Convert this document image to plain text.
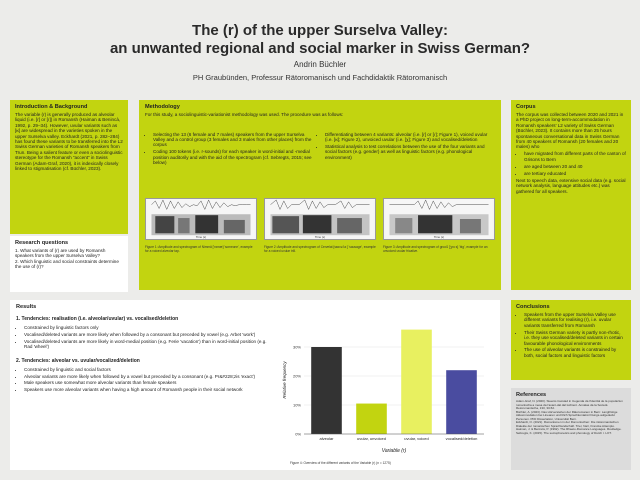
The (r) of the upper Surselva Valley:
an unwanted regional and social marker in Swiss German?
Andrin Büchler
PH Graubünden, Professur Rätoromanisch und Fachdidaktik Rätoromanisch
Introduction & Background
The variable (r) is generally produced as alveolar liquid (i.e. [r] or [ɾ]) in Romansh (Haiman & Benincà, 1992, p. 29–34). However, uvular variants such as [ʁ] are widespread in the varieties spoken in the upper Surselva valley. Eckhardt (2021, p. 282–284) has found these variants to be transferred into the L2 Swiss German varieties of Romansh speakers from Trun. Being a salient feature or even a sociolinguistic stereotype for the Romansh “accent” in Swiss German (Adam-Graf, 2020), it is indexically closely linked to stigmatisation (cf. Büchler, 2023).
Research questions
1. What variants of (r) are used by Romansh speakers from the upper Surselva Valley?
2. Which linguistic and social constraints determine the use of (r)?
Methodology
For this study, a sociolinguistic-variationist methodology was used. The procedure was as follows:
• Selecting the 13 (6 female and 7 males) speakers from the upper Surselva Valley and a control group (3 females and 3 males from other places) from the corpus
• Coding 100 tokens (i.e. r-sounds) for each speaker in word-initial and -medial position auditorily and with the aid of the spectrogram (cf. Sebregts, 2015; see below)
• Differentiating between 4 variants: alveolar (i.e. [r] or [ɾ]; Figure 1), voiced uvular (i.e. [ʁ]; Figure 2), unvoiced uvular (i.e. [χ]; Figure 3) and vocalised/deletion
• Statistical analysis to test correlations between the use of the four variants and social factors (e.g. gender) as well as linguistic factors (e.g. phonological environment)
Time (s)
Figure 1: Amplitude and spectrogram of Nimmä ['nɪmæ] 'someone', example for a voiced alveolar tap.
Time (s)
Figure 2: Amplitude and spectrogram of Cervelat [sɛʁvəˈlaː] 'sausage', example for a voiced uvular trill.
Time (s)
Figure 3: Amplitude and spectrogram of grooß ['χroːs] 'big', example for an unvoiced uvular fricative.
Corpus
The corpus was collected between 2020 and 2021 in a PhD project on long-term-accommodation in Romansh speakers' L2 variety of Swiss German (Büchler, 2023). It contains more than 25 hours spontaneous conversational data in Swiss German from 40 speakers of Romansh (20 females and 20 males) who
• have migrated from different parts of the canton of Grisons to Bern
• are aged between 20 and 40
• are tertiary educated
Next to speech data, extensive social data (e.g. social network analysis, language attitudes etc.) was gathered for all speakers.
Results
1. Tendencies: realisation (i.e. alveolar/uvular) vs. vocalised/deletion
• Constrained by linguistic factors only
• Vocalised/deleted variants are more likely when followed by a consonant but preceded by vowel (e.g. Arbet 'work')
• Vocalised/deleted variants are more likely in word-medial position (e.g. Ferie 'vacation') than in word-initial position (e.g. Rad 'wheel')
2. Tendencies: alveolar vs. uvular/vocalized/deletion
• Constrained by linguistic and social factors
• Alveolar variants are more likely when followed by a vowel but preceded by a consonant (e.g. Pr&#228;zis 'exact')
• Male speakers use somewhat more alveolar variants than female speakers
• Speakers use more alveolar variants when having a high amount of Romansh people in their social network
0%
10%
20%
30%
alveolar	uvular, unvoiced	uvular, voiced	vocalised/deletion
Relative frequency
Variable (r)
Figure 4: Overview of the different variants of the Variable (r) (n = 1275)
Conclusions
• Speakers from the upper Surselva Valley use different variants for realising (r), i.e. uvular variants transferred from Romansh
• Their Swiss German variety is partly non-rhotic, i.e. they use vocalised/deleted variants in certain favourable phonological environments
• The use of alveolar variants is constrained by both, social factors and linguistic factors
References
Adam-Graf, N. (2020). Steenis tracstad in Uegenda da l'identità de la populaziun rumantscha a mesa da l'avant-dal dal tschient. Annalas da la Società Retorumantscha, 133, 33-52.
Büchler, A. (2023). Das Hörverstehen der Rätoromanen in Bern: Langfristige Akkommodation bei Linearen und Rich Sprachkontakt-Ortungs-aufgedeckt Personen. PhD Dissertation, Universität Bern.
Eckhardt, O. (2021). Romanismen in der Romontschen: Die rätoromanischen Dialekte der romanischen Sprachlandschaft. Trier, Narr, Francke Attempto.
Haiman, J. & Benincà, P. (1992). The Rhaeto-Romance Languages. Routledge.
Sebregts, K. (2015). The sociophonetics and phonology of Dutch r. LOT.
